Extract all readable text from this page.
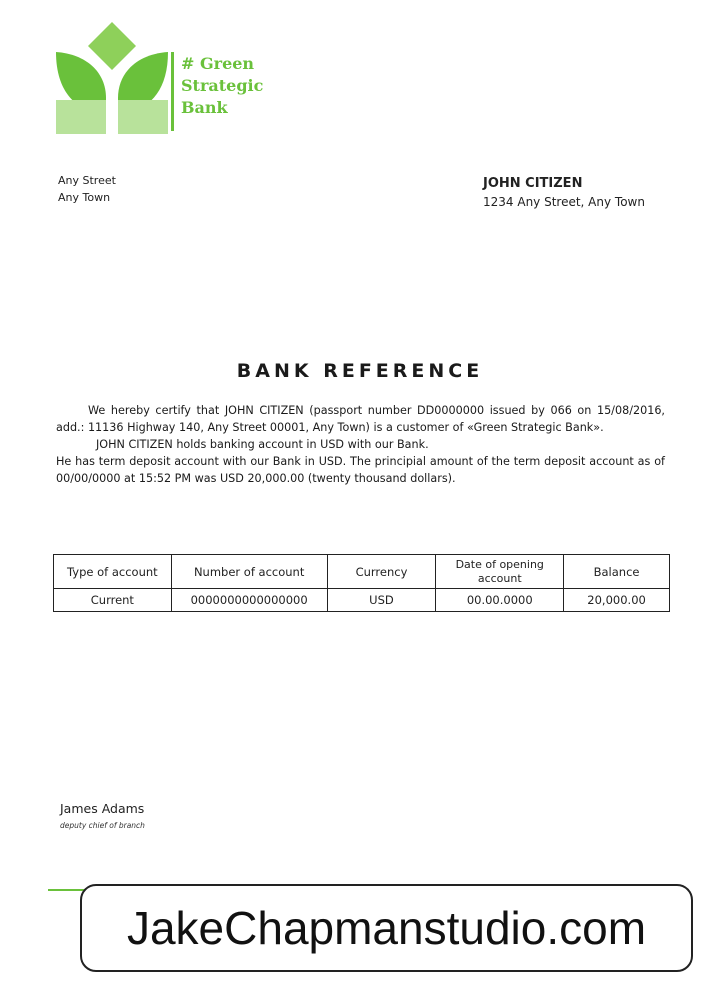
# Green
Strategic
Bank
Any Street
Any Town
JOHN CITIZEN
1234 Any Street, Any Town
BANK REFERENCE

We hereby certify that JOHN CITIZEN (passport number DD0000000 issued by 066 on 15/08/2016, add.: 11136 Highway 140, Any Street 00001, Any Town) is a customer of «Green Strategic Bank».

JOHN CITIZEN holds banking account in USD with our Bank.

He has term deposit account with our Bank in USD. The principial amount of the term deposit account as of 00/00/0000 at 15:52 PM was USD 20,000.00 (twenty thousand dollars).

Type of account	Number of account	Currency	Date of opening account	Balance
Current	0000000000000000	USD	00.00.0000	20,000.00
James Adams
deputy chief of branch
JakeChapmanstudio.com
